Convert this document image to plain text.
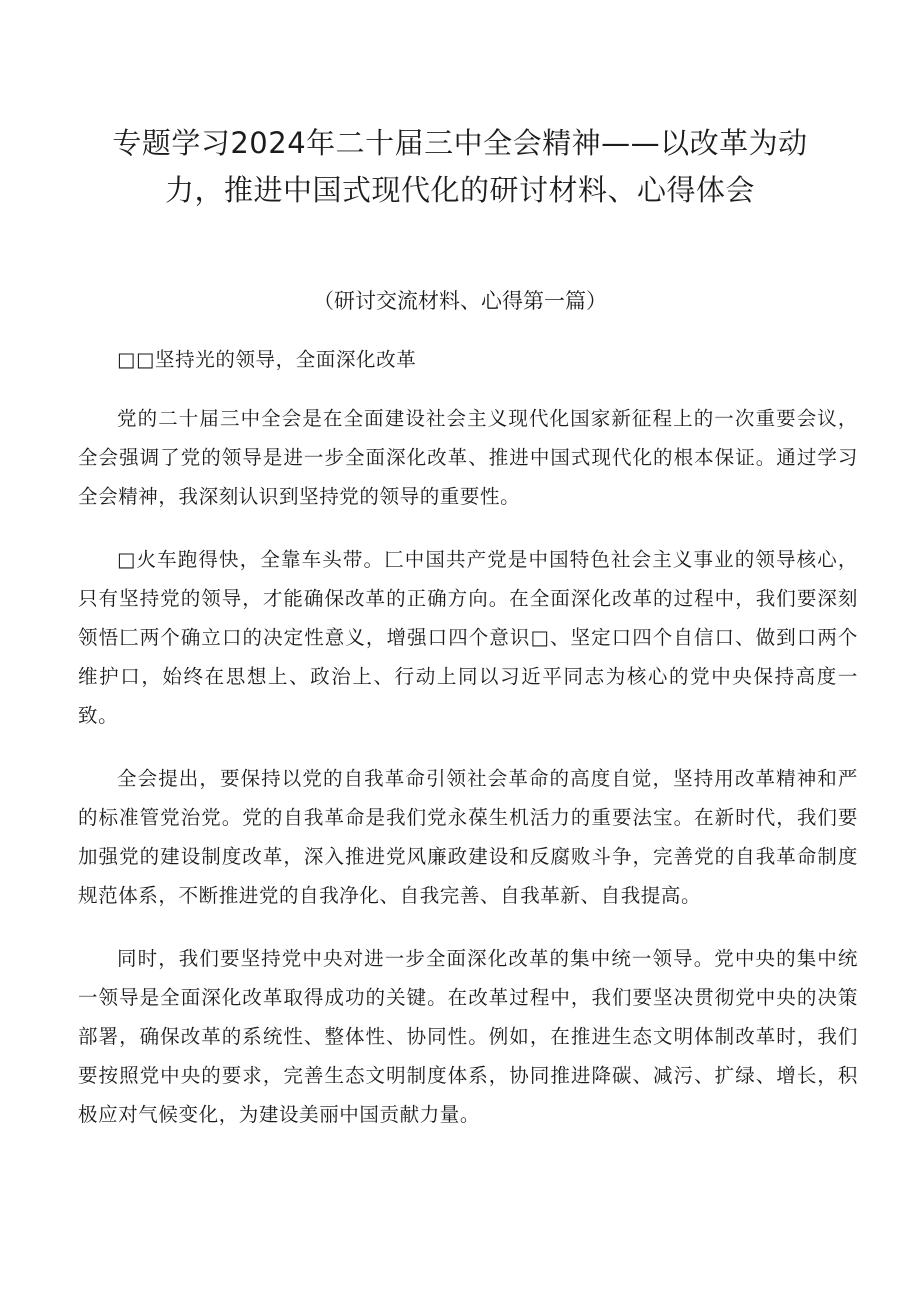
专题学习2024年二十届三中全会精神——以改革为动力，推进中国式现代化的研讨材料、心得体会
（研讨交流材料、心得第一篇）

□□坚持光的领导，全面深化改革

党的二十届三中全会是在全面建设社会主义现代化国家新征程上的一次重要会议，全会强调了党的领导是进一步全面深化改革、推进中国式现代化的根本保证。通过学习全会精神，我深刻认识到坚持党的领导的重要性。

□火车跑得快，全靠车头带。匚中国共产党是中国特色社会主义事业的领导核心，只有坚持党的领导，才能确保改革的正确方向。在全面深化改革的过程中，我们要深刻领悟匚两个确立口的决定性意义，增强口四个意识□、坚定口四个自信口、做到口两个维护口，始终在思想上、政治上、行动上同以习近平同志为核心的党中央保持高度一致。

全会提出，要保持以党的自我革命引领社会革命的高度自觉，坚持用改革精神和严的标准管党治党。党的自我革命是我们党永葆生机活力的重要法宝。在新时代，我们要加强党的建设制度改革，深入推进党风廉政建设和反腐败斗争，完善党的自我革命制度规范体系，不断推进党的自我净化、自我完善、自我革新、自我提高。

同时，我们要坚持党中央对进一步全面深化改革的集中统一领导。党中央的集中统一领导是全面深化改革取得成功的关键。在改革过程中，我们要坚决贯彻党中央的决策部署，确保改革的系统性、整体性、协同性。例如，在推进生态文明体制改革时，我们要按照党中央的要求，完善生态文明制度体系，协同推进降碳、减污、扩绿、增长，积极应对气候变化，为建设美丽中国贡献力量。
